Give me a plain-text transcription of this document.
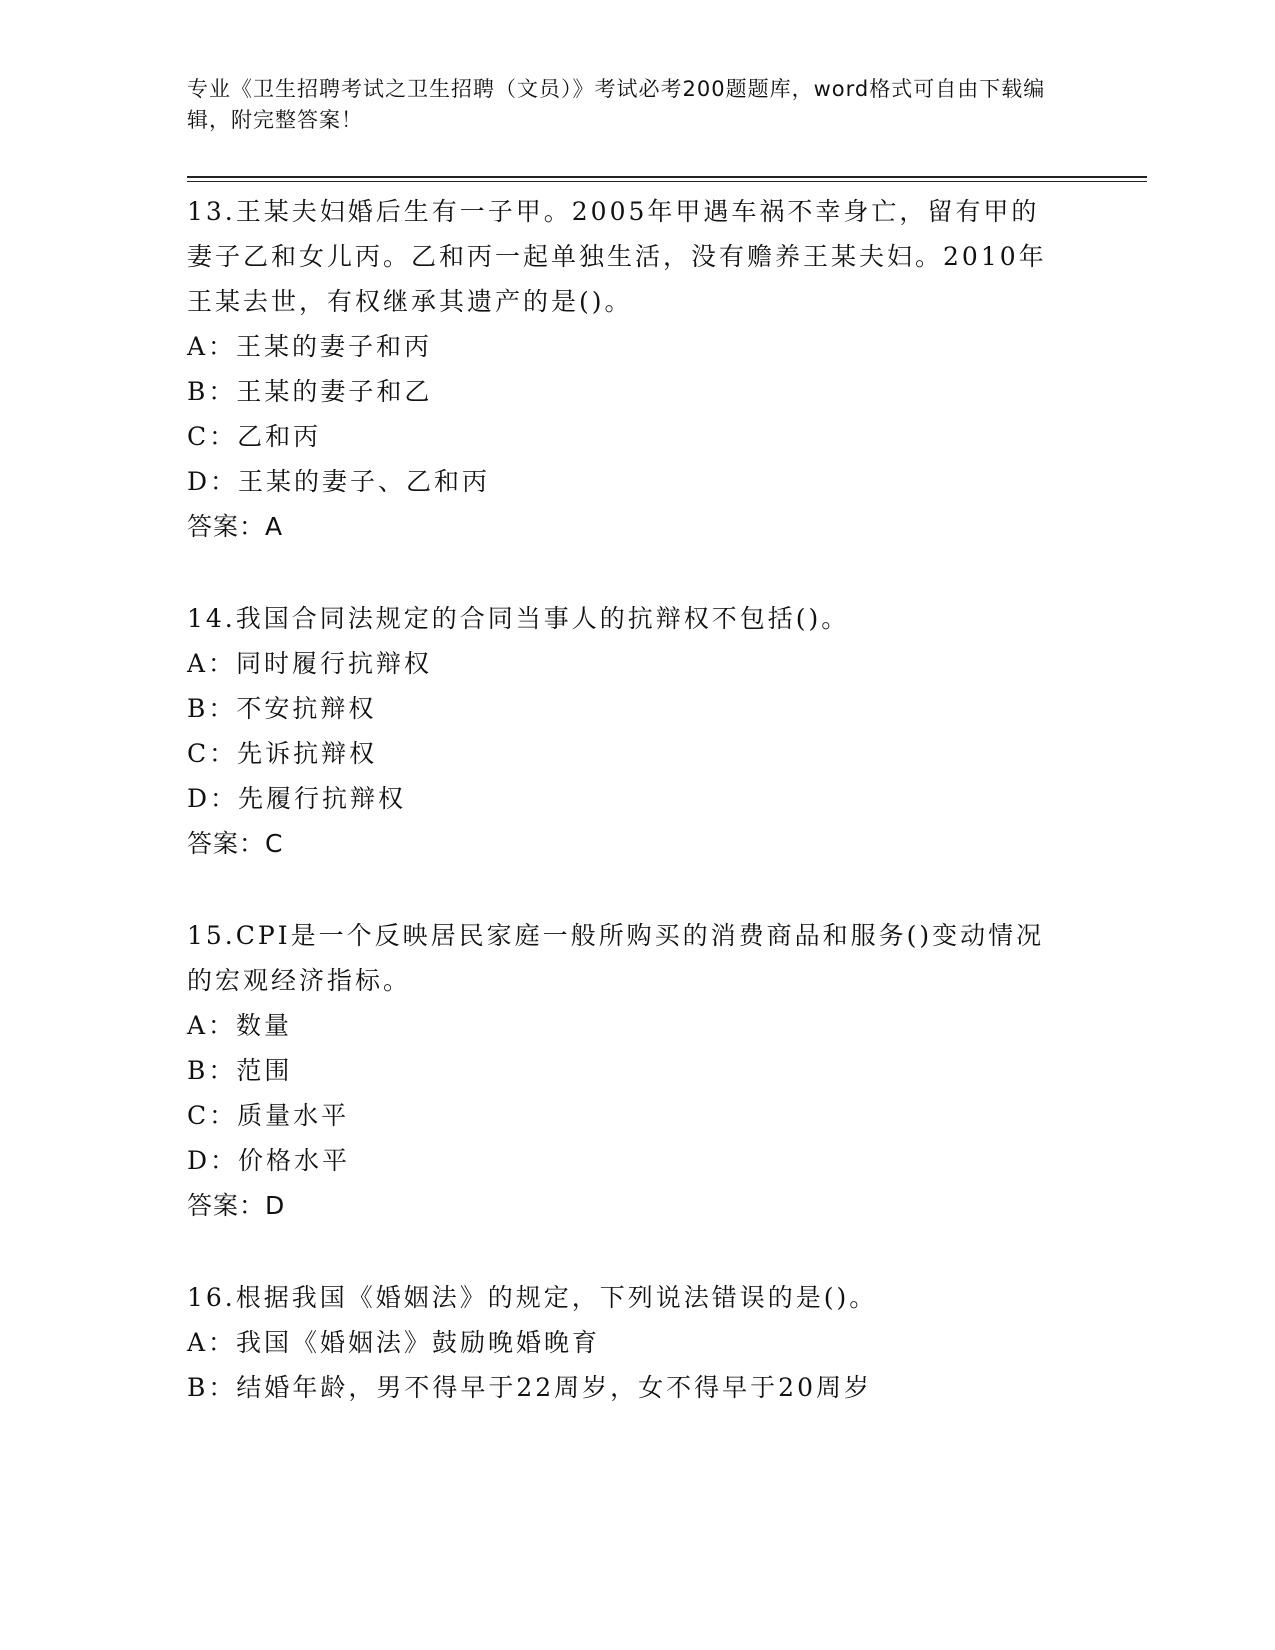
专业《卫生招聘考试之卫生招聘（文员）》考试必考200题题库，word格式可自由下载编辑，附完整答案！
13.王某夫妇婚后生有一子甲。2005年甲遇车祸不幸身亡，留有甲的妻子乙和女儿丙。乙和丙一起单独生活，没有赡养王某夫妇。2010年王某去世，有权继承其遗产的是()。
A：王某的妻子和丙
B：王某的妻子和乙
C：乙和丙
D：王某的妻子、乙和丙
答案：A
14.我国合同法规定的合同当事人的抗辩权不包括()。
A：同时履行抗辩权
B：不安抗辩权
C：先诉抗辩权
D：先履行抗辩权
答案：C
15.CPI是一个反映居民家庭一般所购买的消费商品和服务()变动情况的宏观经济指标。
A：数量
B：范围
C：质量水平
D：价格水平
答案：D
16.根据我国《婚姻法》的规定，下列说法错误的是()。
A：我国《婚姻法》鼓励晚婚晚育
B：结婚年龄，男不得早于22周岁，女不得早于20周岁
